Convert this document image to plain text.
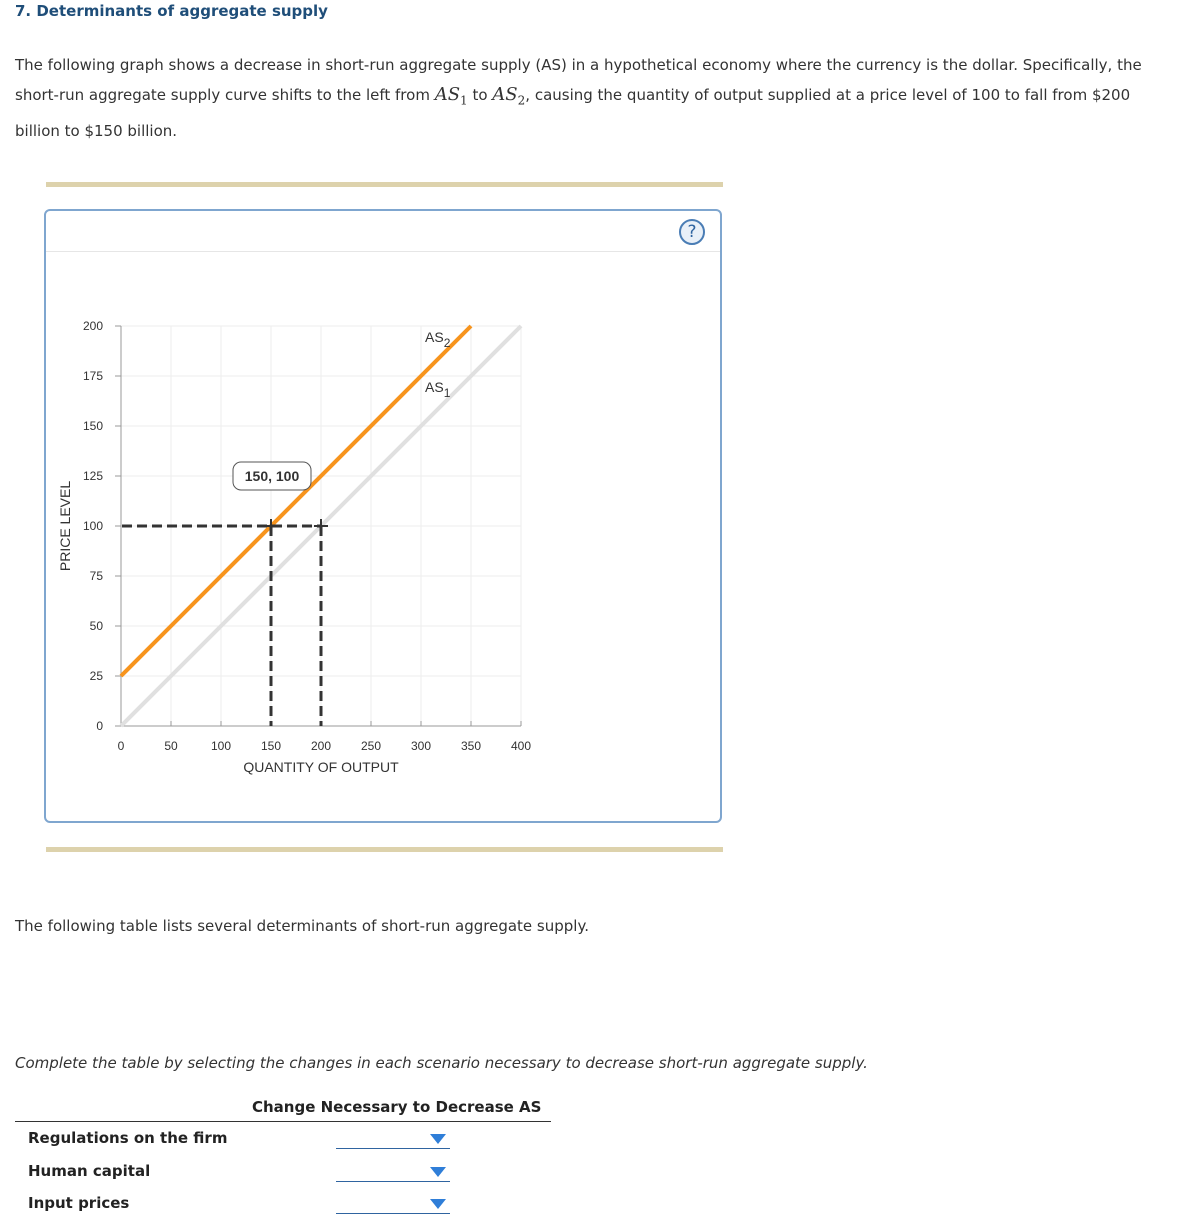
7. Determinants of aggregate supply
The following graph shows a decrease in short-run aggregate supply (AS) in a hypothetical economy where the currency is the dollar. Specifically, the short-run aggregate supply curve shifts to the left from $AS_1$ to $AS_2$, causing the quantity of output supplied at a price level of 100 to fall from $200 billion to $150 billion.
?
0
25
50
75
100
125
150
175
200
0	50	100 150 200 250 300 350 400
QUANTITY OF OUTPUT
PRICE LEVEL
AS2
AS1
150, 100
The following table lists several determinants of short-run aggregate supply.
Complete the table by selecting the changes in each scenario necessary to decrease short-run aggregate supply.
Change Necessary to Decrease AS
Regulations on the firm
Human capital
Input prices
